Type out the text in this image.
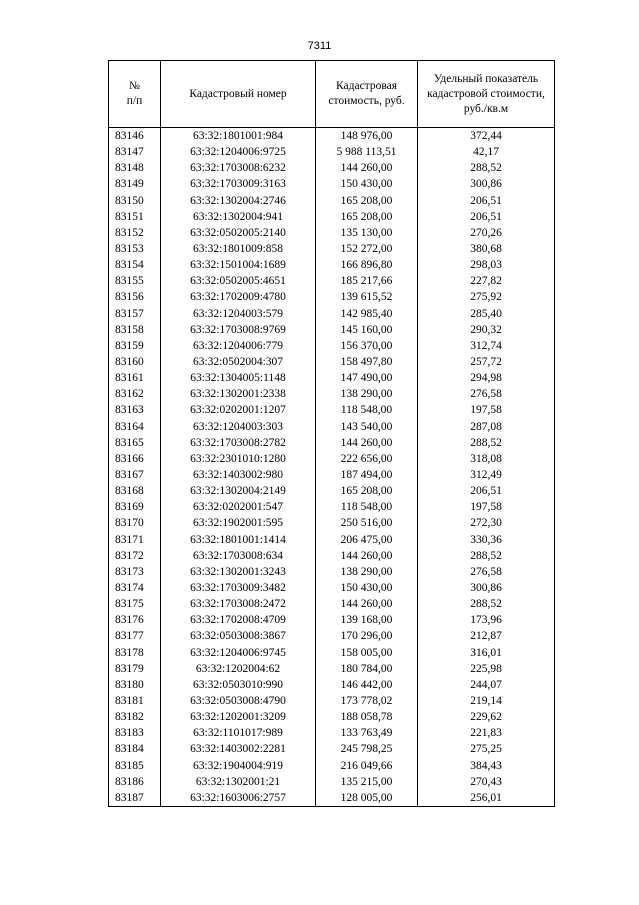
7311
№
п/п	Кадастровый номер	Кадастровая стоимость, руб.	Удельный показатель кадастровой стоимости, руб./кв.м
83146	63:32:1801001:984	148 976,00	372,44
83147	63:32:1204006:9725	5 988 113,51	42,17
83148	63:32:1703008:6232	144 260,00	288,52
83149	63:32:1703009:3163	150 430,00	300,86
83150	63:32:1302004:2746	165 208,00	206,51
83151	63:32:1302004:941	165 208,00	206,51
83152	63:32:0502005:2140	135 130,00	270,26
83153	63:32:1801009:858	152 272,00	380,68
83154	63:32:1501004:1689	166 896,80	298,03
83155	63:32:0502005:4651	185 217,66	227,82
83156	63:32:1702009:4780	139 615,52	275,92
83157	63:32:1204003:579	142 985,40	285,40
83158	63:32:1703008:9769	145 160,00	290,32
83159	63:32:1204006:779	156 370,00	312,74
83160	63:32:0502004:307	158 497,80	257,72
83161	63:32:1304005:1148	147 490,00	294,98
83162	63:32:1302001:2338	138 290,00	276,58
83163	63:32:0202001:1207	118 548,00	197,58
83164	63:32:1204003:303	143 540,00	287,08
83165	63:32:1703008:2782	144 260,00	288,52
83166	63:32:2301010:1280	222 656,00	318,08
83167	63:32:1403002:980	187 494,00	312,49
83168	63:32:1302004:2149	165 208,00	206,51
83169	63:32:0202001:547	118 548,00	197,58
83170	63:32:1902001:595	250 516,00	272,30
83171	63:32:1801001:1414	206 475,00	330,36
83172	63:32:1703008:634	144 260,00	288,52
83173	63:32:1302001:3243	138 290,00	276,58
83174	63:32:1703009:3482	150 430,00	300,86
83175	63:32:1703008:2472	144 260,00	288,52
83176	63:32:1702008:4709	139 168,00	173,96
83177	63:32:0503008:3867	170 296,00	212,87
83178	63:32:1204006:9745	158 005,00	316,01
83179	63:32:1202004:62	180 784,00	225,98
83180	63:32:0503010:990	146 442,00	244,07
83181	63:32:0503008:4790	173 778,02	219,14
83182	63:32:1202001:3209	188 058,78	229,62
83183	63:32:1101017:989	133 763,49	221,83
83184	63:32:1403002:2281	245 798,25	275,25
83185	63:32:1904004:919	216 049,66	384,43
83186	63:32:1302001:21	135 215,00	270,43
83187	63:32:1603006:2757	128 005,00	256,01
